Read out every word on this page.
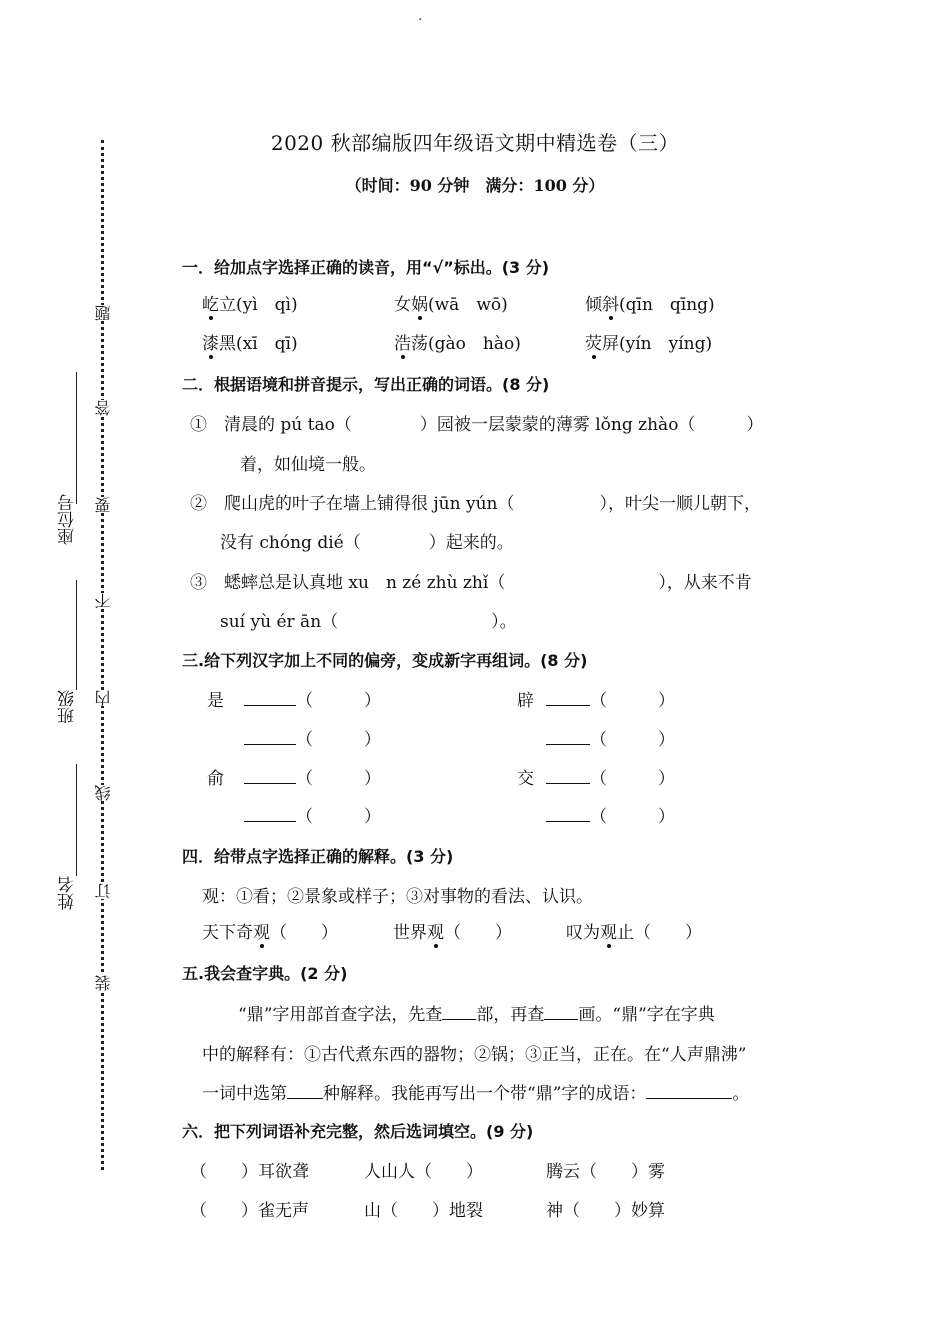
.
题
答
要
不
内
线
订
装
座位号
班级
姓名
2020 秋部编版四年级语文期中精选卷（三）
（时间：90 分钟　满分：100 分）
一．给加点字选择正确的读音，用“√”标出。(3 分)
屹立(yì　qì)	女娲(wā　wō)	倾斜(qīn　qīng)
漆黑(xī　qī)	浩荡(gào　hào)	荧屏(yín　yíng)
二．根据语境和拼音提示，写出正确的词语。(8 分)
①　清晨的 pú tao（　　　　）园被一层蒙蒙的薄雾 lǒng zhào（　　　）
着，如仙境一般。
②　爬山虎的叶子在墙上铺得很 jūn yún（　　　　　），叶尖一顺儿朝下，
没有 chóng dié（　　　　）起来的。
③　蟋蟀总是认真地 xu　n zé zhù zhǐ（　　　　　　　　　），从来不肯
suí yù ér ān（　　　　　　　　　）。
三.给下列汉字加上不同的偏旁，变成新字再组词。(8 分)
是	（　　　）	辟	（　　　）
（　　　）	（　　　）
俞	（　　　）	交	（　　　）
（　　　）	（　　　）
四．给带点字选择正确的解释。(3 分)
观：①看；②景象或样子；③对事物的看法、认识。
天下奇观（　　）	世界观（　　）	叹为观止（　　）
五.我会查字典。(2 分)
“鼎”字用部首查字法，先查 部，再查 画。“鼎”字在字典
中的解释有：①古代煮东西的器物；②锅；③正当，正在。在“人声鼎沸”
一词中选第 种解释。我能再写出一个带“鼎”字的成语：	。
六．把下列词语补充完整，然后选词填空。(9 分)
（　　）耳欲聋	人山人（　　）	腾云（　　）雾
（　　）雀无声	山（　　）地裂	神（　　）妙算
